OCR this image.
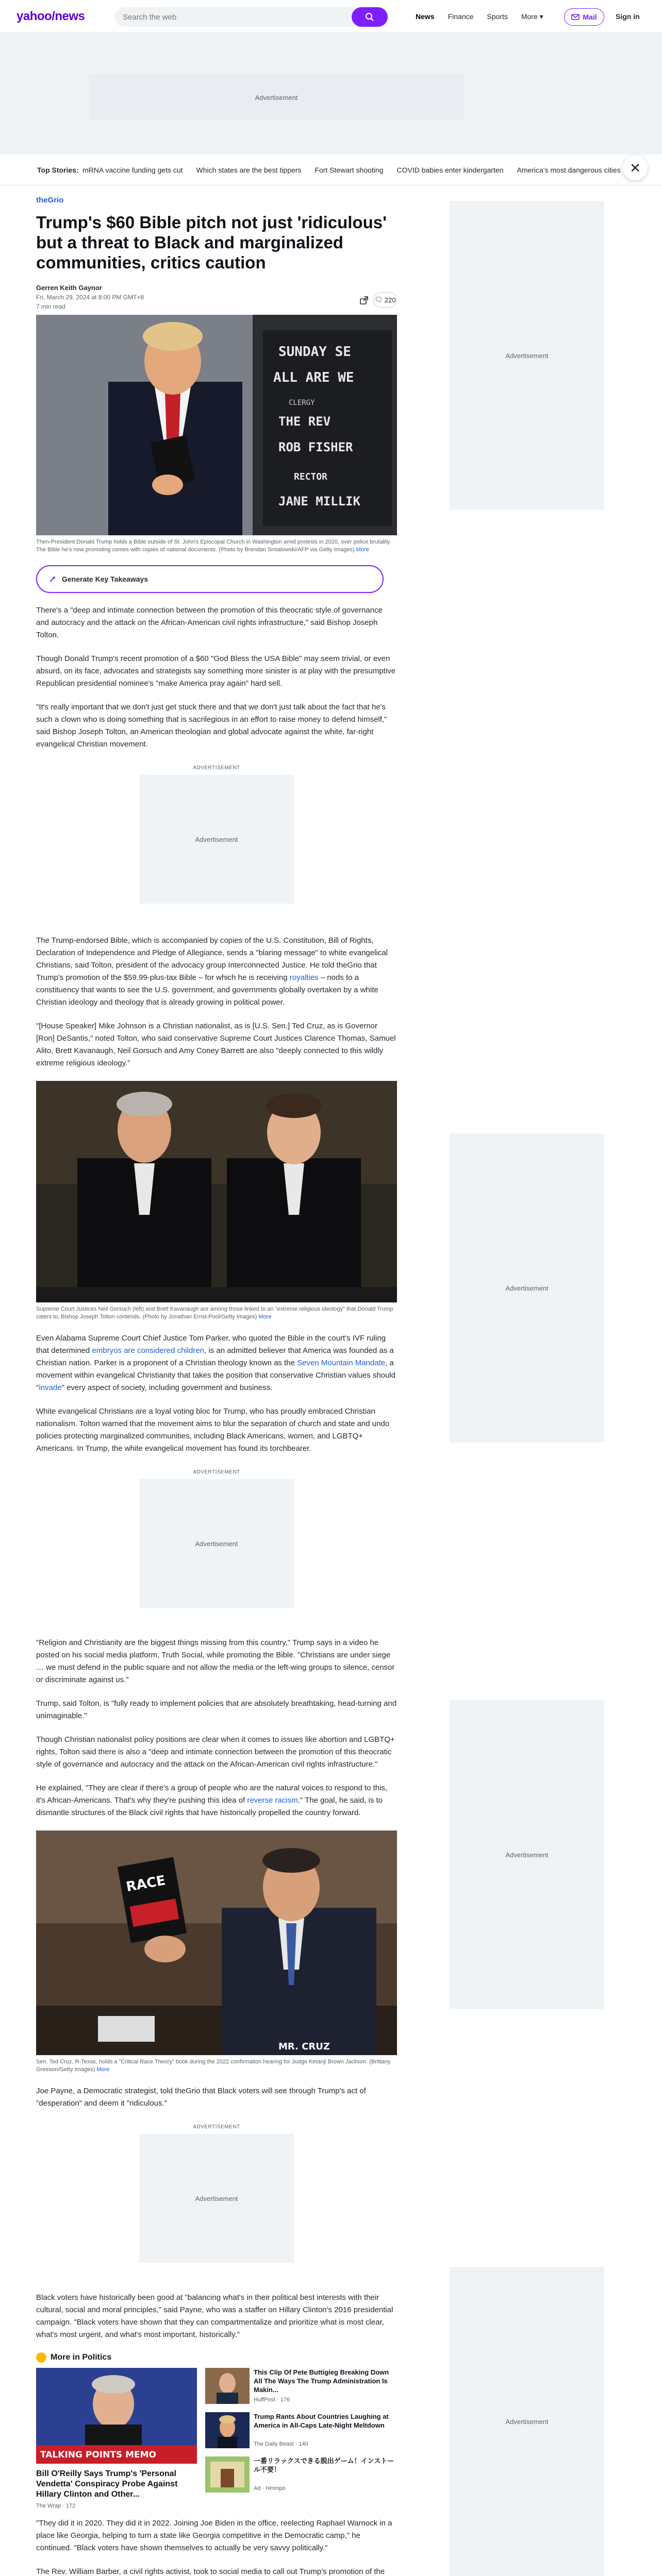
yahoo/news
Search the web	News Finance Sports More ▾	Mail	Sign in
Advertisement
Top Stories: mRNA vaccine funding gets cut Which states are the best tippers Fort Stewart shooting COVID babies enter kindergarten America's most dangerous cities ✕
Advertisement
Advertisement
Advertisement
Advertisement
theGrio
Trump's $60 Bible pitch not just 'ridiculous' but a threat to Black and marginalized communities, critics caution
Gerren Keith Gaynor
Fri, March 29, 2024 at 8:00 PM GMT+8
7 min read
🗨 220
SUNDAY SE
ALL ARE WE
CLERGY
THE REV
ROB FISHER
RECTOR
JANE MILLIK
Then-President Donald Trump holds a Bible outside of St. John's Episcopal Church in Washington amid protests in 2020, over police brutality. The Bible he's now promoting comes with copies of national documents. (Photo by Brendan Smialowski/AFP via Getty Images) More
Generate Key Takeaways

There's a "deep and intimate connection between the promotion of this theocratic style of governance and autocracy and the attack on the African-American civil rights infrastructure," said Bishop Joseph Tolton.

Though Donald Trump's recent promotion of a $60 "God Bless the USA Bible" may seem trivial, or even absurd, on its face, advocates and strategists say something more sinister is at play with the presumptive Republican presidential nominee's "make America pray again" hard sell.

"It's really important that we don't just get stuck there and that we don't just talk about the fact that he's such a clown who is doing something that is sacrilegious in an effort to raise money to defend himself," said Bishop Joseph Tolton, an American theologian and global advocate against the white, far-right evangelical Christian movement.

ADVERTISEMENT
Advertisement

The Trump-endorsed Bible, which is accompanied by copies of the U.S. Constitution, Bill of Rights, Declaration of Independence and Pledge of Allegiance, sends a "blaring message" to white evangelical Christians, said Tolton, president of the advocacy group Interconnected Justice. He told theGrio that Trump's promotion of the $59.99-plus-tax Bible – for which he is receiving royalties – nods to a constituency that wants to see the U.S. government, and governments globally overtaken by a white Christian ideology and theology that is already growing in political power.

"[House Speaker] Mike Johnson is a Christian nationalist, as is [U.S. Sen.] Ted Cruz, as is Governor [Ron] DeSantis," noted Tolton, who said conservative Supreme Court Justices Clarence Thomas, Samuel Alito, Brett Kavanaugh, Neil Gorsuch and Amy Coney Barrett are also "deeply connected to this wildly extreme religious ideology."

Supreme Court Justices Neil Gorsuch (left) and Brett Kavanaugh are among those linked to an "extreme religious ideology" that Donald Trump caters to, Bishop Joseph Tolton contends. (Photo by Jonathan Ernst-Pool/Getty Images) More

Even Alabama Supreme Court Chief Justice Tom Parker, who quoted the Bible in the court's IVF ruling that determined embryos are considered children, is an admitted believer that America was founded as a Christian nation. Parker is a proponent of a Christian theology known as the Seven Mountain Mandate, a movement within evangelical Christianity that takes the position that conservative Christian values should "invade" every aspect of society, including government and business.

White evangelical Christians are a loyal voting bloc for Trump, who has proudly embraced Christian nationalism. Tolton warned that the movement aims to blur the separation of church and state and undo policies protecting marginalized communities, including Black Americans, women, and LGBTQ+ Americans. In Trump, the white evangelical movement has found its torchbearer.

ADVERTISEMENT
Advertisement

"Religion and Christianity are the biggest things missing from this country," Trump says in a video he posted on his social media platform, Truth Social, while promoting the Bible. "Christians are under siege … we must defend in the public square and not allow the media or the left-wing groups to silence, censor or discriminate against us."

Trump, said Tolton, is "fully ready to implement policies that are absolutely breathtaking, head-turning and unimaginable."

Though Christian nationalist policy positions are clear when it comes to issues like abortion and LGBTQ+ rights, Tolton said there is also a "deep and intimate connection between the promotion of this theocratic style of governance and autocracy and the attack on the African-American civil rights infrastructure."

He explained, "They are clear if there's a group of people who are the natural voices to respond to this, it's African-Americans. That's why they're pushing this idea of reverse racism." The goal, he said, is to dismantle structures of the Black civil rights that have historically propelled the country forward.

RACE
MR. CRUZ
Sen. Ted Cruz, R-Texas, holds a "Critical Race Theory" book during the 2022 confirmation hearing for Judge Ketanji Brown Jackson. (Brittany Greeson/Getty Images) More

Joe Payne, a Democratic strategist, told theGrio that Black voters will see through Trump's act of "desperation" and deem it "ridiculous."

ADVERTISEMENT
Advertisement

Black voters have historically been good at "balancing what's in their political best interests with their cultural, social and moral principles," said Payne, who was a staffer on Hillary Clinton's 2016 presidential campaign. "Black voters have shown that they can compartmentalize and prioritize what is most clear, what's most urgent, and what's most important, historically."

More in Politics
TALKING POINTS MEMO
Bill O'Reilly Says Trump's 'Personal Vendetta' Conspiracy Probe Against Hillary Clinton and Other...
The Wrap · 172
This Clip Of Pete Buttigieg Breaking Down All The Ways The Trump Administration Is Makin...
HuffPost · 176
Trump Rants About Countries Laughing at America in All-Caps Late-Night Meltdown
The Daily Beast · 140
一番リラックスできる脱出ゲーム！インストール不要！
Ad · Hmmpo

"They did it in 2020. They did it in 2022. Joining Joe Biden in the office, reelecting Raphael Warnock in a place like Georgia, helping to turn a state like Georgia competitive in the Democratic camp," he continued. "Black voters have shown themselves to actually be very savvy politically."

The Rev. William Barber, a civil rights activist, took to social media to call out Trump's promotion of the
